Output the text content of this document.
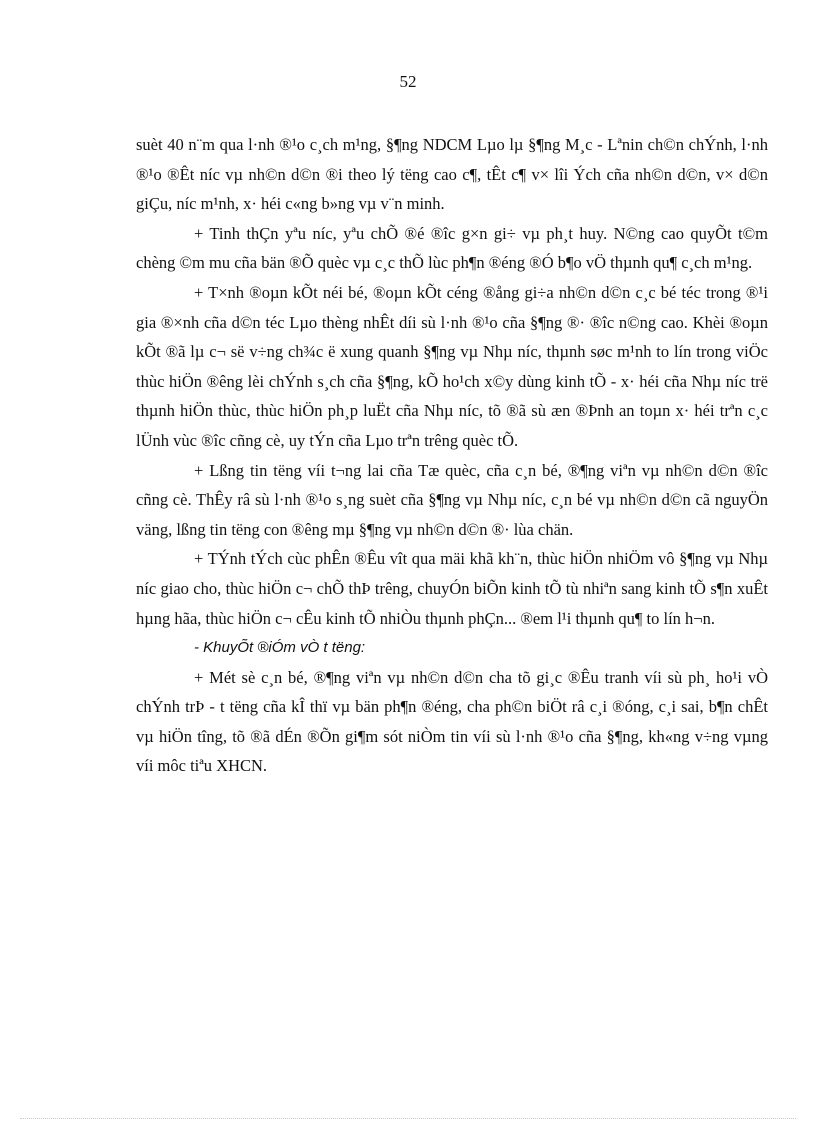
52

suèt 40 n¨m qua l·nh ®¹o c¸ch m¹ng, §¶ng NDCM Lµo lµ §¶ng M¸c - Lªnin ch©n chÝnh, l·nh ®¹o ®Êt níc vµ nh©n d©n ®i theo lý tëng cao c¶, tÊt c¶ v× lîi Ých cña nh©n d©n, v× d©n giÇu, níc m¹nh, x· héi c«ng b»ng vµ v¨n minh.

+ Tinh thÇn yªu níc, yªu chÕ ®é ®îc g×n gi÷ vµ ph¸t huy. N©ng cao quyÕt t©m chèng ©m mu cña bän ®Õ quèc vµ c¸c thÕ lùc ph¶n ®éng ®Ó b¶o vÖ thµnh qu¶ c¸ch m¹ng.

+ T×nh ®oµn kÕt néi bé, ®oµn kÕt céng ®ång gi÷a nh©n d©n c¸c bé téc trong ®¹i gia ®×nh cña d©n téc Lµo thèng nhÊt díi sù l·nh ®¹o cña §¶ng ®· ®îc n©ng cao. Khèi ®oµn kÕt ®ã lµ c¬ së v÷ng ch¾c ë xung quanh §¶ng vµ Nhµ níc, thµnh søc m¹nh to lín trong viÖc thùc hiÖn ®êng lèi chÝnh s¸ch cña §¶ng, kÕ ho¹ch x©y dùng kinh tÕ - x· héi cña Nhµ níc trë thµnh hiÖn thùc, thùc hiÖn ph¸p luËt cña Nhµ níc, tõ ®ã sù æn ®Þnh an toµn x· héi trªn c¸c lÜnh vùc ®îc cñng cè, uy tÝn cña Lµo trªn trêng quèc tÕ.

+ Lßng tin tëng víi t¬ng lai cña Tæ quèc, cña c¸n bé, ®¶ng viªn vµ nh©n d©n ®îc cñng cè. ThÊy râ sù l·nh ®¹o s¸ng suèt cña §¶ng vµ Nhµ níc, c¸n bé vµ nh©n d©n cã nguyÖn väng, lßng tin tëng con ®êng mµ §¶ng vµ nh©n d©n ®· lùa chän.

+ TÝnh tÝch cùc phÊn ®Êu vît qua mäi khã kh¨n, thùc hiÖn nhiÖm vô §¶ng vµ Nhµ níc giao cho, thùc hiÖn c¬ chÕ thÞ trêng, chuyÓn biÕn kinh tÕ tù nhiªn sang kinh tÕ s¶n xuÊt hµng hãa, thùc hiÖn c¬ cÊu kinh tÕ nhiÒu thµnh phÇn... ®em l¹i thµnh qu¶ to lín h¬n.

- KhuyÕt ®iÓm vÒ t tëng:

+ Mét sè c¸n bé, ®¶ng viªn vµ nh©n d©n cha tõ gi¸c ®Êu tranh víi sù ph¸ ho¹i vÒ chÝnh trÞ - t tëng cña kÎ thï vµ bän ph¶n ®éng, cha ph©n biÖt râ c¸i ®óng, c¸i sai, b¶n chÊt vµ hiÖn tîng, tõ ®ã dÉn ®Õn gi¶m sót niÒm tin víi sù l·nh ®¹o cña §¶ng, kh«ng v÷ng vµng víi môc tiªu XHCN.
